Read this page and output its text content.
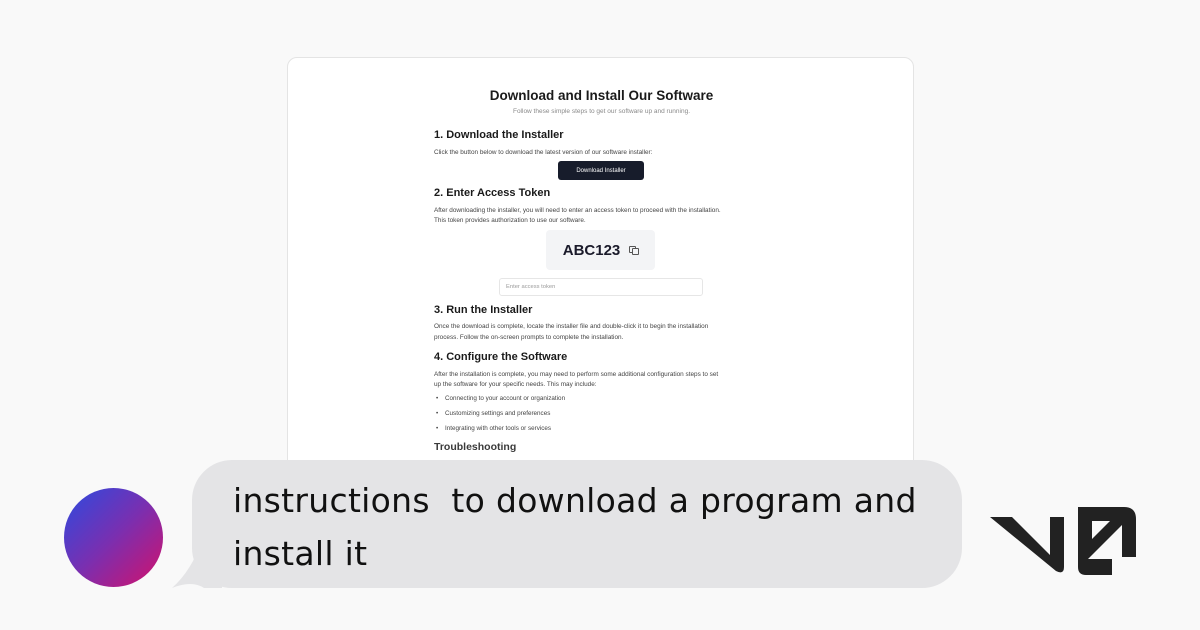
Download and Install Our Software
Follow these simple steps to get our software up and running.
1. Download the Installer
Click the button below to download the latest version of our software installer:
Download Installer
2. Enter Access Token
After downloading the installer, you will need to enter an access token to proceed with the installation.
This token provides authorization to use our software.
ABC123
Enter access token
3. Run the Installer
Once the download is complete, locate the installer file and double-click it to begin the installation
process. Follow the on-screen prompts to complete the installation.
4. Configure the Software
After the installation is complete, you may need to perform some additional configuration steps to set
up the software for your specific needs. This may include:
• Connecting to your account or organization
• Customizing settings and preferences
• Integrating with other tools or services
Troubleshooting
instructions  to download a program and
install it
